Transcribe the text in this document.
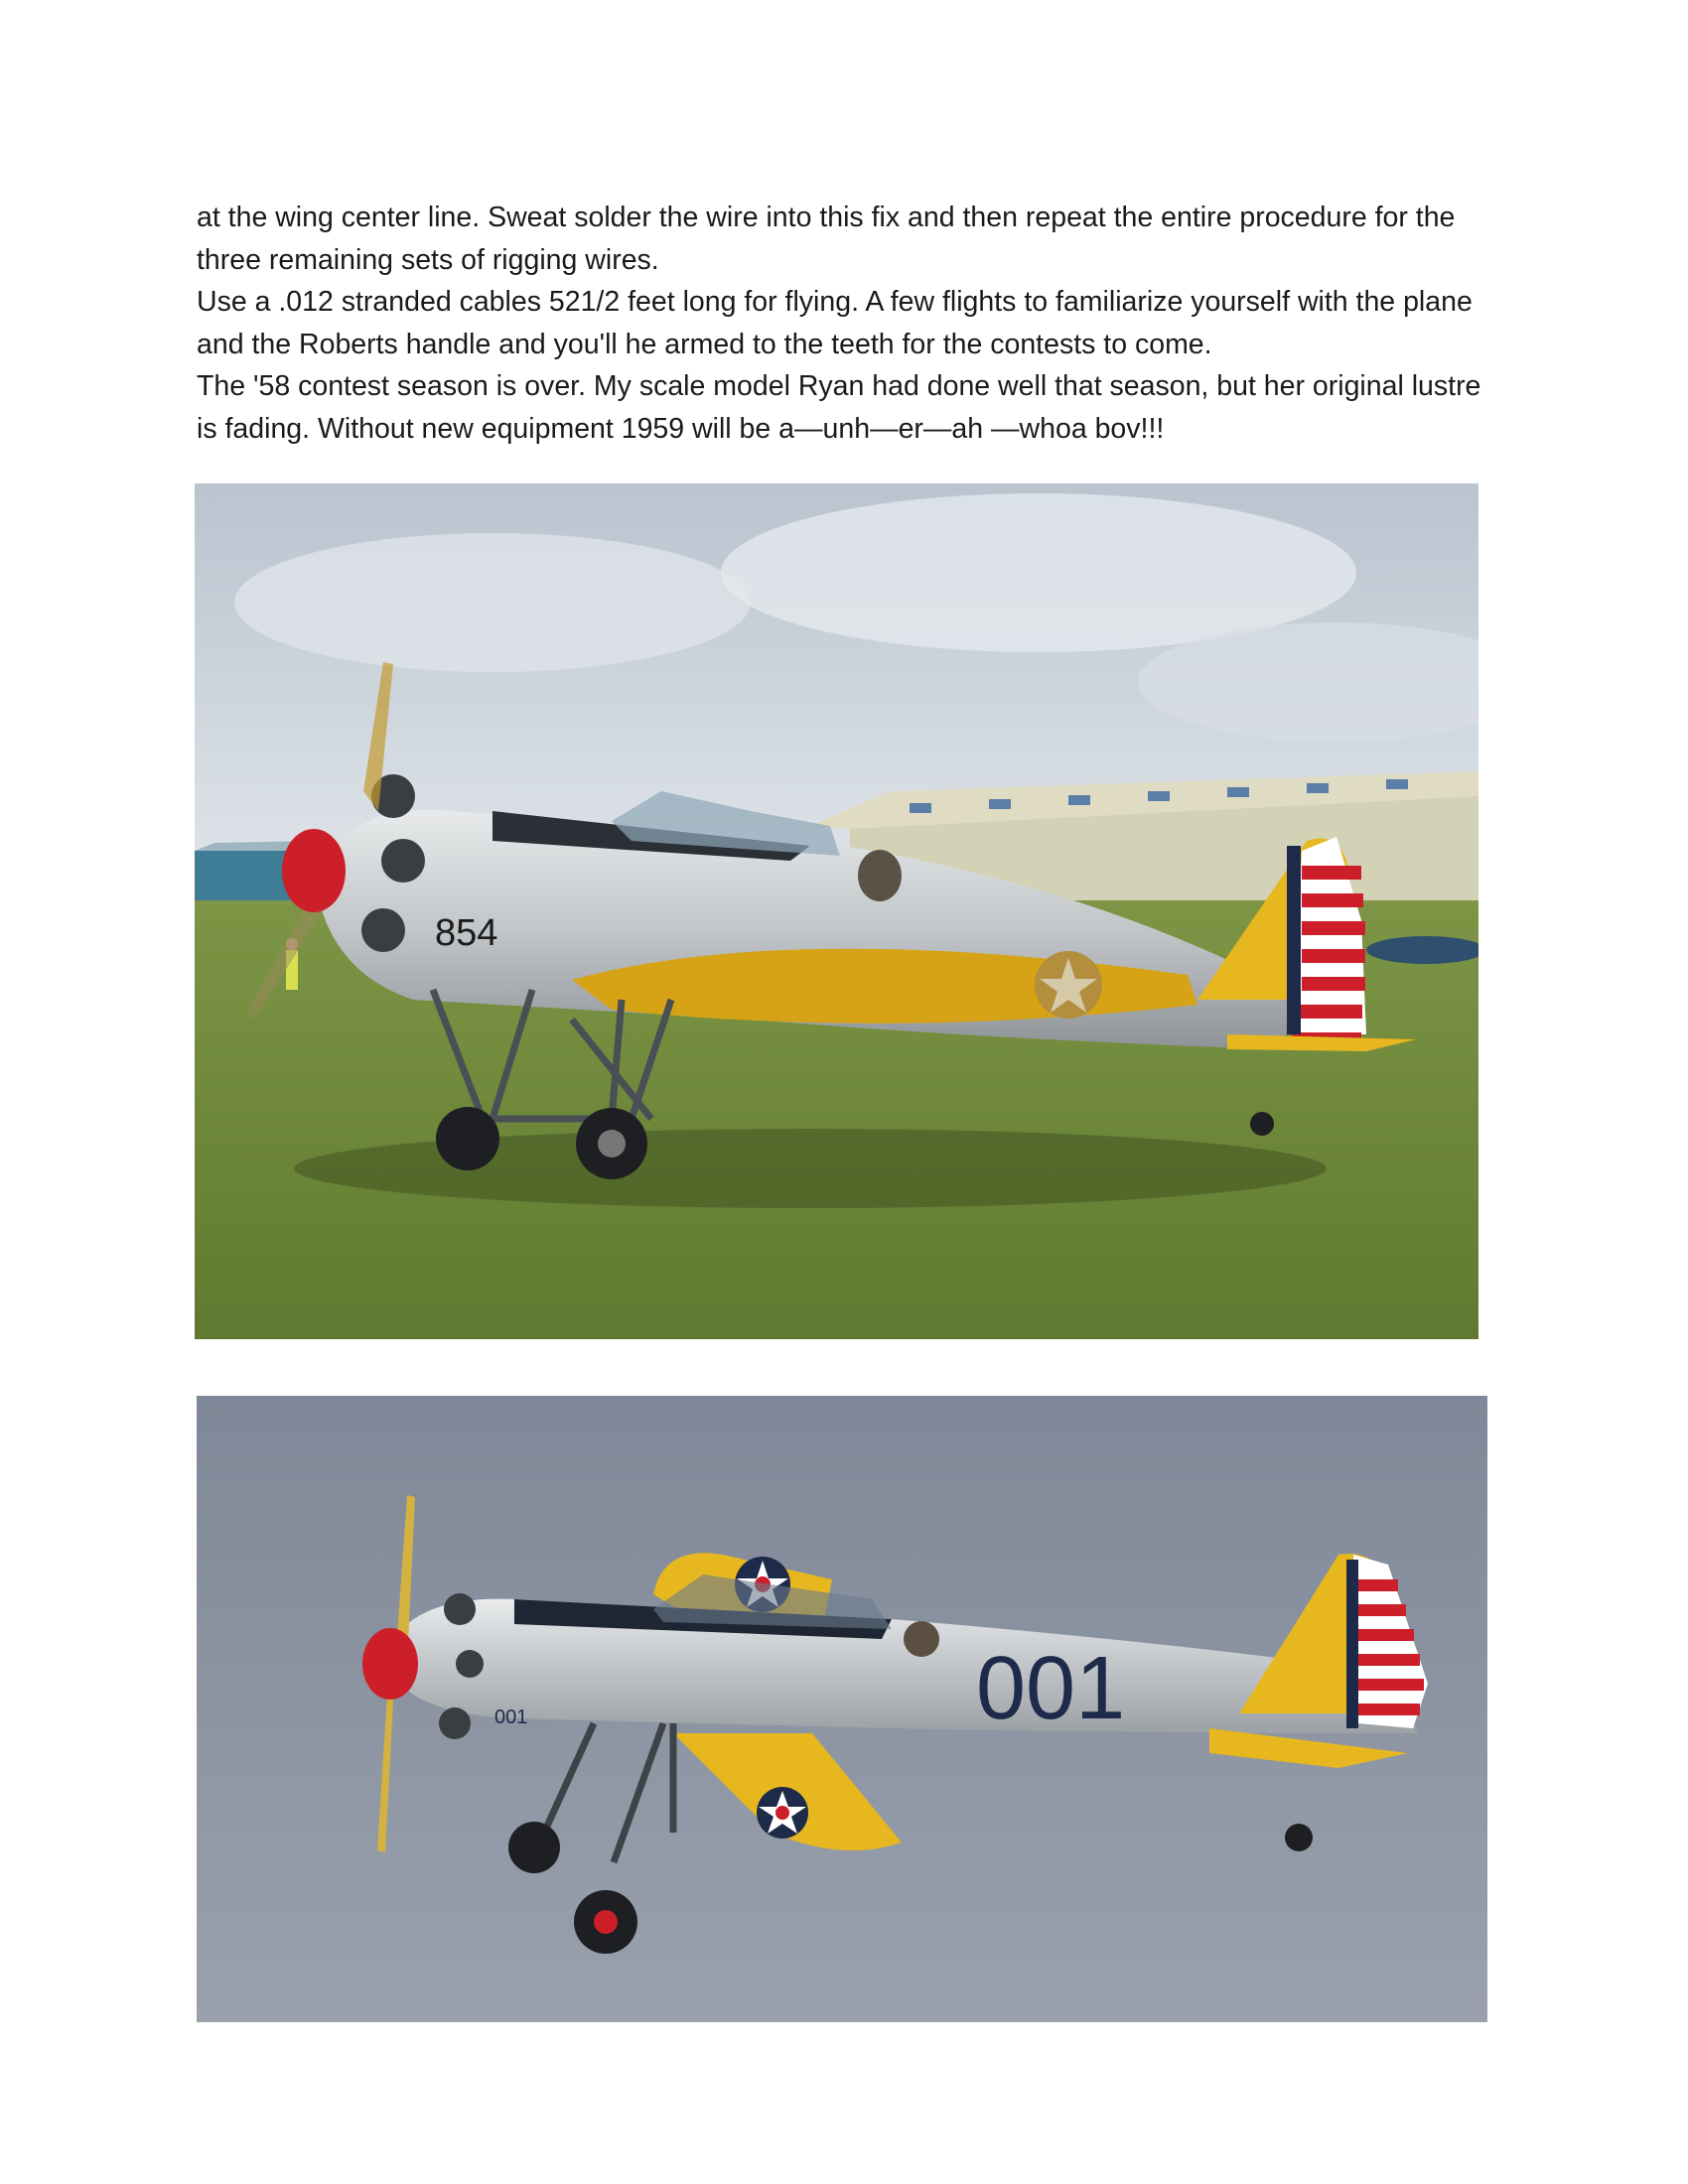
at the wing center line. Sweat solder the wire into this fix and then repeat the entire procedure for the three remaining sets of rigging wires.

Use a .012 stranded cables 521/2 feet long for flying. A few flights to familiarize yourself with the plane and the Roberts handle and you'll he armed to the teeth for the contests to come.

The '58 contest season is over. My scale model Ryan had done well that season, but her original lustre is fading. Without new equipment 1959 will be a—unh—er—ah —whoa bov!!!

854
001
001
